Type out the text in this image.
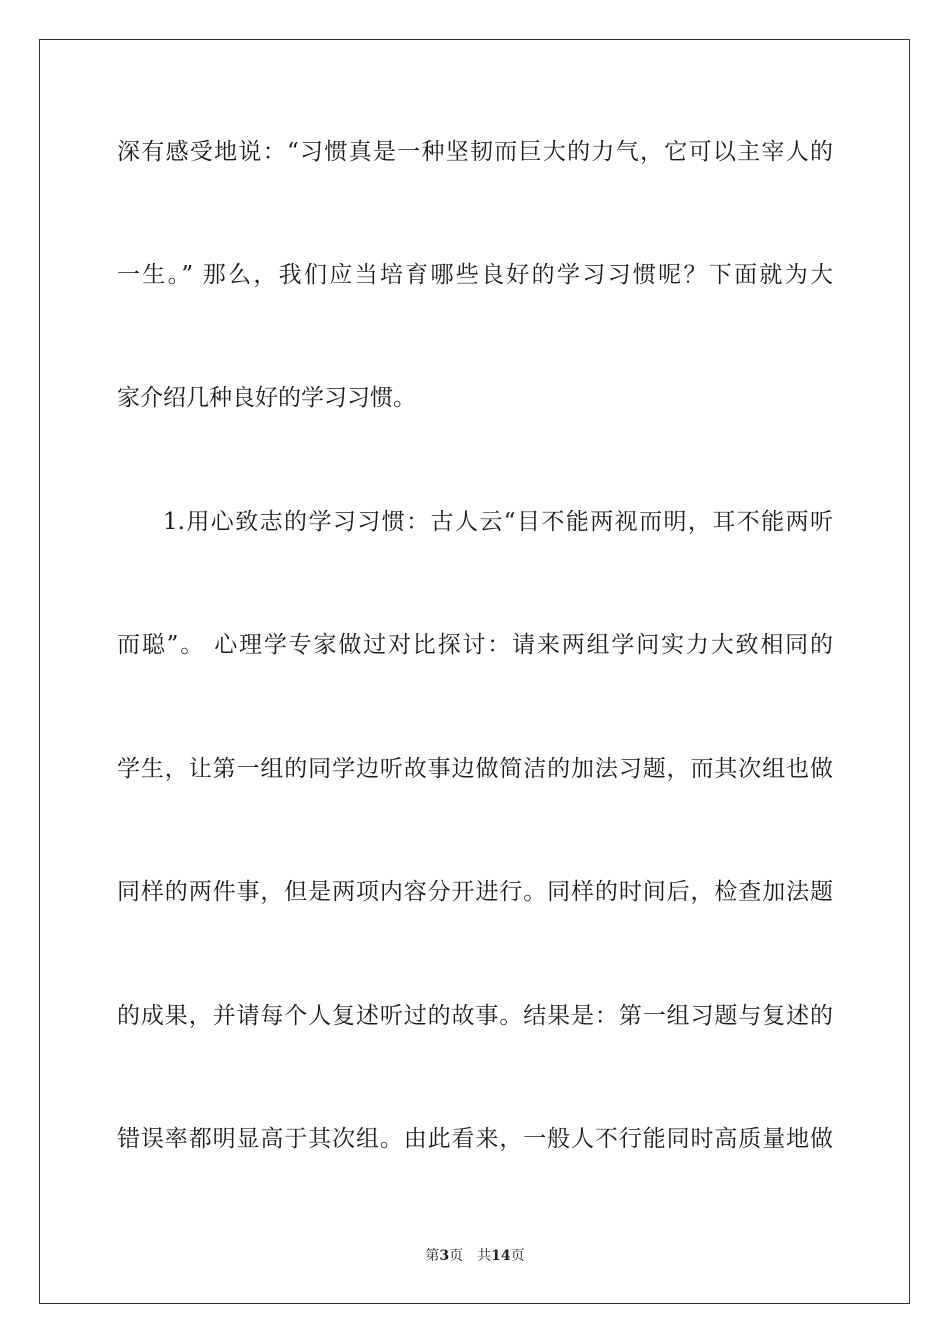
深有感受地说：“习惯真是一种坚韧而巨大的力气，它可以主宰人的
一生。” 那么，我们应当培育哪些良好的学习习惯呢？下面就为大
家介绍几种良好的学习习惯。
1.用心致志的学习习惯：古人云“目不能两视而明，耳不能两听
而聪”。 心理学专家做过对比探讨：请来两组学问实力大致相同的
学生，让第一组的同学边听故事边做简洁的加法习题，而其次组也做
同样的两件事，但是两项内容分开进行。同样的时间后，检查加法题
的成果，并请每个人复述听过的故事。结果是：第一组习题与复述的
错误率都明显高于其次组。由此看来，一般人不行能同时高质量地做
第3页 共14页
